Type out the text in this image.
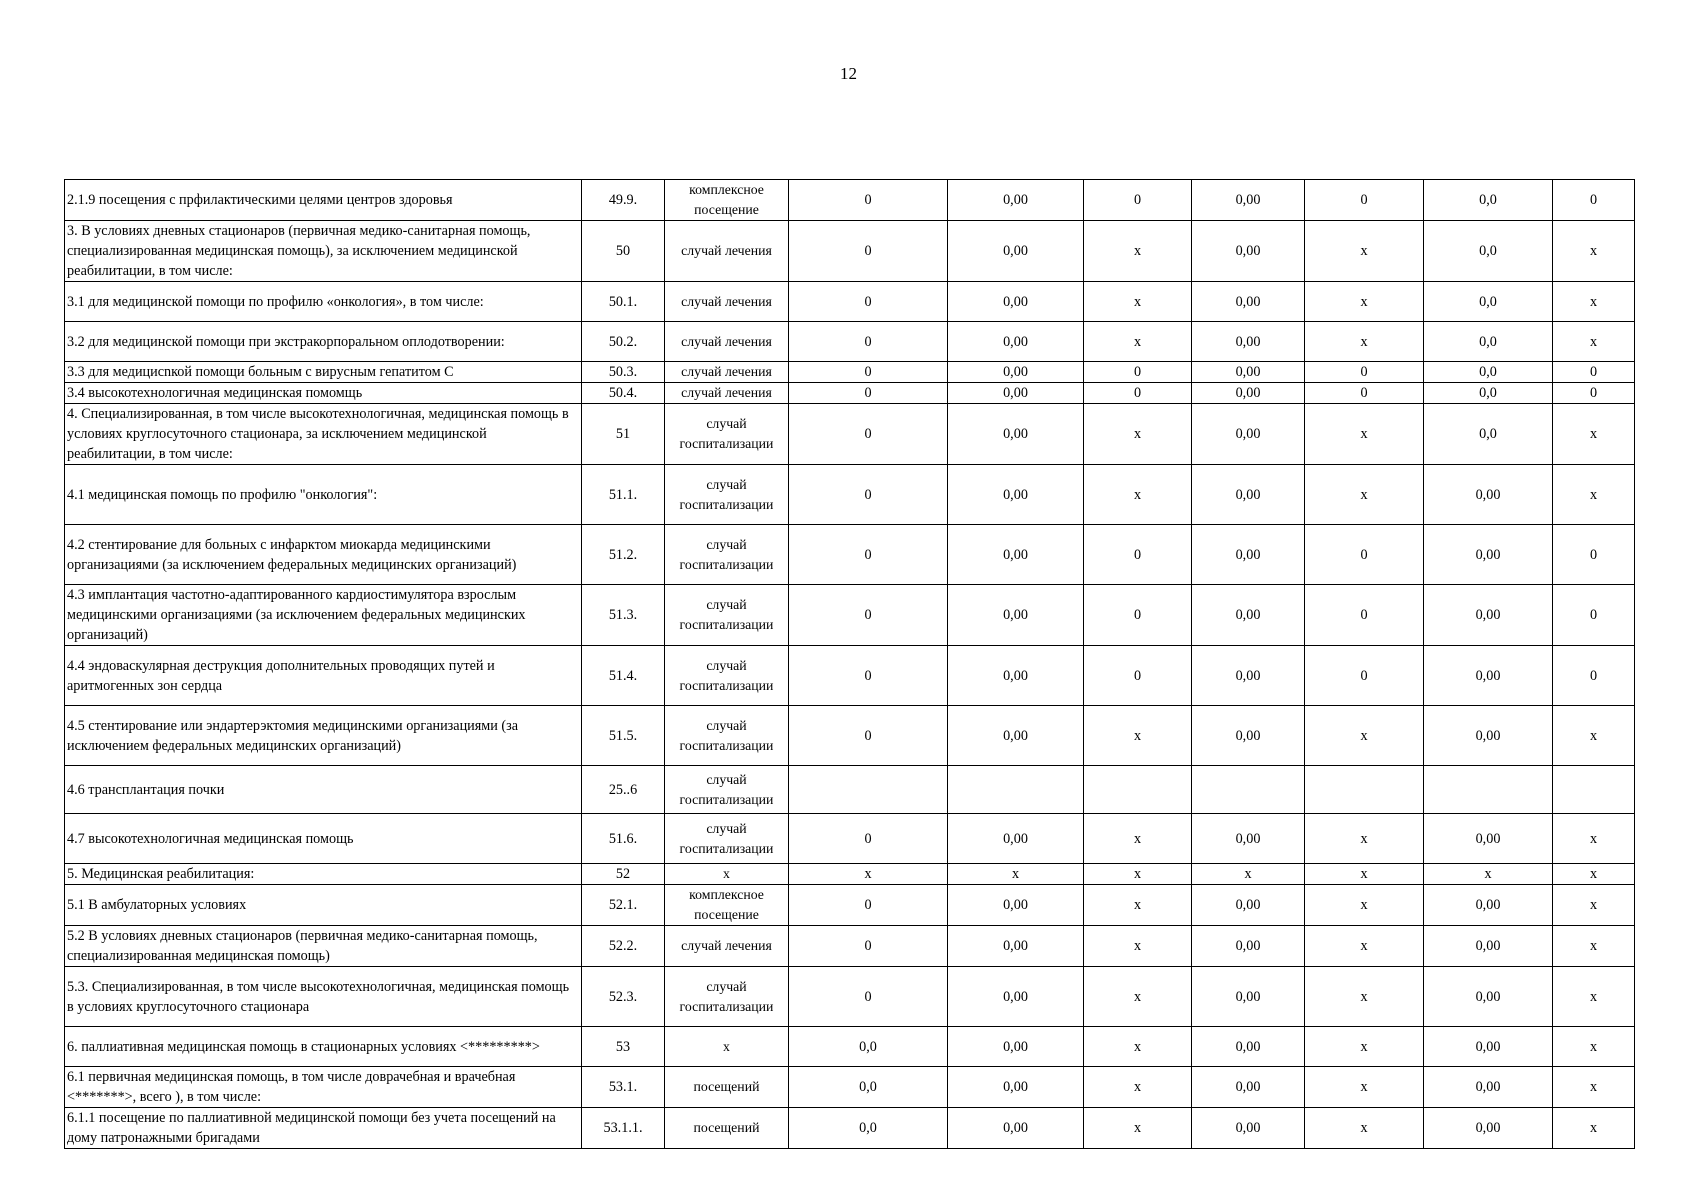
12
2.1.9 посещения с прфилактическими целями центров здоровья	49.9.	комплексное посещение	0	0,00	0	0,00	0	0,0	0
3. В условиях дневных стационаров (первичная медико-санитарная помощь, специализированная медицинская помощь), за исключением медицинской реабилитации, в том числе:	50	случай лечения	0	0,00	х	0,00	х	0,0	х
3.1 для медицинской помощи по профилю «онкология», в том числе:	50.1.	случай лечения	0	0,00	х	0,00	х	0,0	х
3.2 для медицинской помощи при экстракорпоральном оплодотворении:	50.2.	случай лечения	0	0,00	х	0,00	х	0,0	х
3.3 для медицисnкой помощи больным с вирусным гепатитом С	50.3.	случай лечения	0	0,00	0	0,00	0	0,0	0
3.4 высокотехнологичная медицинская помомщь	50.4.	случай лечения	0	0,00	0	0,00	0	0,0	0
4. Специализированная, в том числе высокотехнологичная, медицинская помощь в условиях круглосуточного стационара, за исключением медицинской реабилитации, в том числе:	51	случай госпитализации	0	0,00	х	0,00	х	0,0	х
4.1 медицинская помощь по профилю "онкология":	51.1.	случай госпитализации	0	0,00	х	0,00	х	0,00	х
4.2 стентирование для больных с инфарктом миокарда медицинскими организациями (за исключением федеральных медицинских организаций)	51.2.	случай госпитализации	0	0,00	0	0,00	0	0,00	0
4.3 имплантация частотно-адаптированного кардиостимулятора взрослым медицинскими организациями (за исключением федеральных медицинских организаций)	51.3.	случай госпитализации	0	0,00	0	0,00	0	0,00	0
4.4 эндоваскулярная деструкция дополнительных проводящих путей и аритмогенных зон сердца	51.4.	случай госпитализации	0	0,00	0	0,00	0	0,00	0
4.5 стентирование или эндартерэктомия медицинскими организациями (за исключением федеральных медицинских организаций)	51.5.	случай госпитализации	0	0,00	х	0,00	х	0,00	х
4.6 трансплантация почки	25..6	случай госпитализации							
4.7 высокотехнологичная медицинская помощь	51.6.	случай госпитализации	0	0,00	х	0,00	х	0,00	х
5. Медицинская реабилитация:	52	х	х	х	х	х	х	х	х
5.1 В амбулаторных условиях	52.1.	комплексное посещение	0	0,00	х	0,00	х	0,00	х
5.2 В условиях дневных стационаров (первичная медико-санитарная помощь, специализированная медицинская помощь)	52.2.	случай лечения	0	0,00	х	0,00	х	0,00	х
5.3. Специализированная, в том числе высокотехнологичная, медицинская помощь в условиях круглосуточного стационара	52.3.	случай госпитализации	0	0,00	х	0,00	х	0,00	х
6. паллиативная медицинская помощь в стационарных условиях <*********>	53	х	0,0	0,00	х	0,00	х	0,00	х
6.1 первичная медицинская помощь, в том числе доврачебная и врачебная <*******>, всего ), в том числе:	53.1.	посещений	0,0	0,00	х	0,00	х	0,00	х
6.1.1 посещение по паллиативной медицинской помощи без учета посещений на дому патронажными бригадами	53.1.1.	посещений	0,0	0,00	х	0,00	х	0,00	х
